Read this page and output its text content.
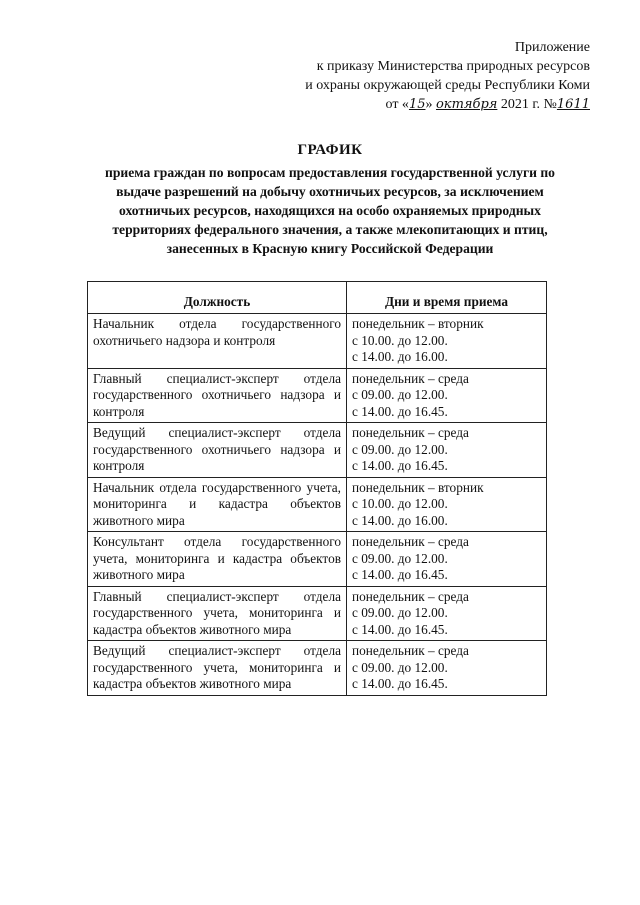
Приложение
к приказу Министерства природных ресурсов
и охраны окружающей среды Республики Коми
от «15» октября 2021 г. №1611
ГРАФИК
приема граждан по вопросам предоставления государственной услуги по
выдаче разрешений на добычу охотничьих ресурсов, за исключением
охотничьих ресурсов, находящихся на особо охраняемых природных
территориях федерального значения, а также млекопитающих и птиц,
занесенных в Красную книгу Российской Федерации
Должность	Дни и время приема
Начальник отдела государственного охотничьего надзора и контроля	понедельник – вторник
с 10.00. до 12.00.
с 14.00. до 16.00.

Главный специалист-эксперт отдела государственного охотничьего надзора и контроля	понедельник – среда
с 09.00. до 12.00.
с 14.00. до 16.45.

Ведущий специалист-эксперт отдела государственного охотничьего надзора и контроля	понедельник – среда
с 09.00. до 12.00.
с 14.00. до 16.45.

Начальник отдела государственного учета, мониторинга и кадастра объектов животного мира	понедельник – вторник
с 10.00. до 12.00.
с 14.00. до 16.00.

Консультант отдела государственного учета, мониторинга и кадастра объектов животного мира	понедельник – среда
с 09.00. до 12.00.
с 14.00. до 16.45.

Главный специалист-эксперт отдела государственного учета, мониторинга и кадастра объектов животного мира	понедельник – среда
с 09.00. до 12.00.
с 14.00. до 16.45.

Ведущий специалист-эксперт отдела государственного учета, мониторинга и кадастра объектов животного мира	понедельник – среда
с 09.00. до 12.00.
с 14.00. до 16.45.
